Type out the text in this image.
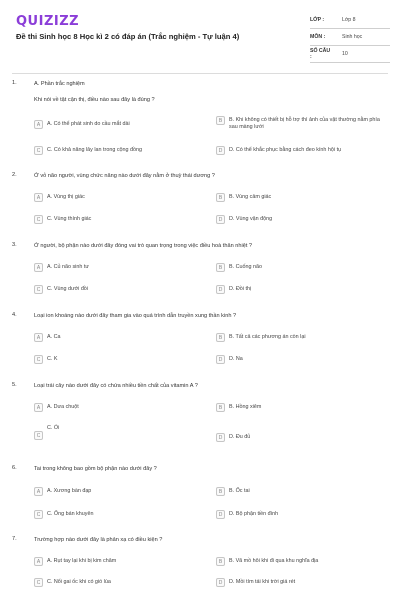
QUIZIZZ
Đề thi Sinh học 8 Học kì 2 có đáp án (Trắc nghiệm - Tự luận 4)
LỚP :	Lớp 8
MÔN :	Sinh học
SỐ CÂU :	10
1.	A. Phần trắc nghiệm
Khi nói về tật cận thị, điều nào sau đây là đúng ?
A	A. Có thể phát sinh do cầu mắt dài
B	B. Khi không có thiết bị hỗ trợ thì ảnh của vật thường nằm phía sau màng lưới
C	C. Có khả năng lây lan trong cộng đồng	D	D. Có thể khắc phục bằng cách đeo kính hội tụ
2.	Ở vỏ não người, vùng chức năng nào dưới đây nằm ở thuỳ thái dương ?
A	A. Vùng thị giác	B	B. Vùng cảm giác
C	C. Vùng thính giác	D	D. Vùng vận động
3.	Ở người, bộ phận nào dưới đây đóng vai trò quan trọng trong việc điều hoà thân nhiệt ?
A	A. Củ não sinh tư	B	B. Cuống não
C	C. Vùng dưới đồi	D	D. Đồi thị
4.	Loại ion khoáng nào dưới đây tham gia vào quá trình dẫn truyền xung thần kinh ?
A	A. Ca	B	B. Tất cả các phương án còn lại
C	C. K	D	D. Na
5.	Loại trái cây nào dưới đây có chứa nhiều tiền chất của vitamin A ?
A	A. Dưa chuột	B	B. Hồng xiêm
C
C. Ổi
D	D. Đu đủ
6.	Tai trong không bao gồm bộ phận nào dưới đây ?
A	A. Xương bàn đạp	B	B. Ốc tai
C	C. Ống bán khuyên	D	D. Bộ phận tiền đình
7.	Trường hợp nào dưới đây là phản xạ có điều kiện ?
A	A. Rụt tay lại khi bị kim châm	B	B. Vã mồ hôi khi đi qua khu nghĩa địa
C	C. Nổi gai ốc khi có gió lùa	D	D. Mồi tím tái khi trời giá rét
